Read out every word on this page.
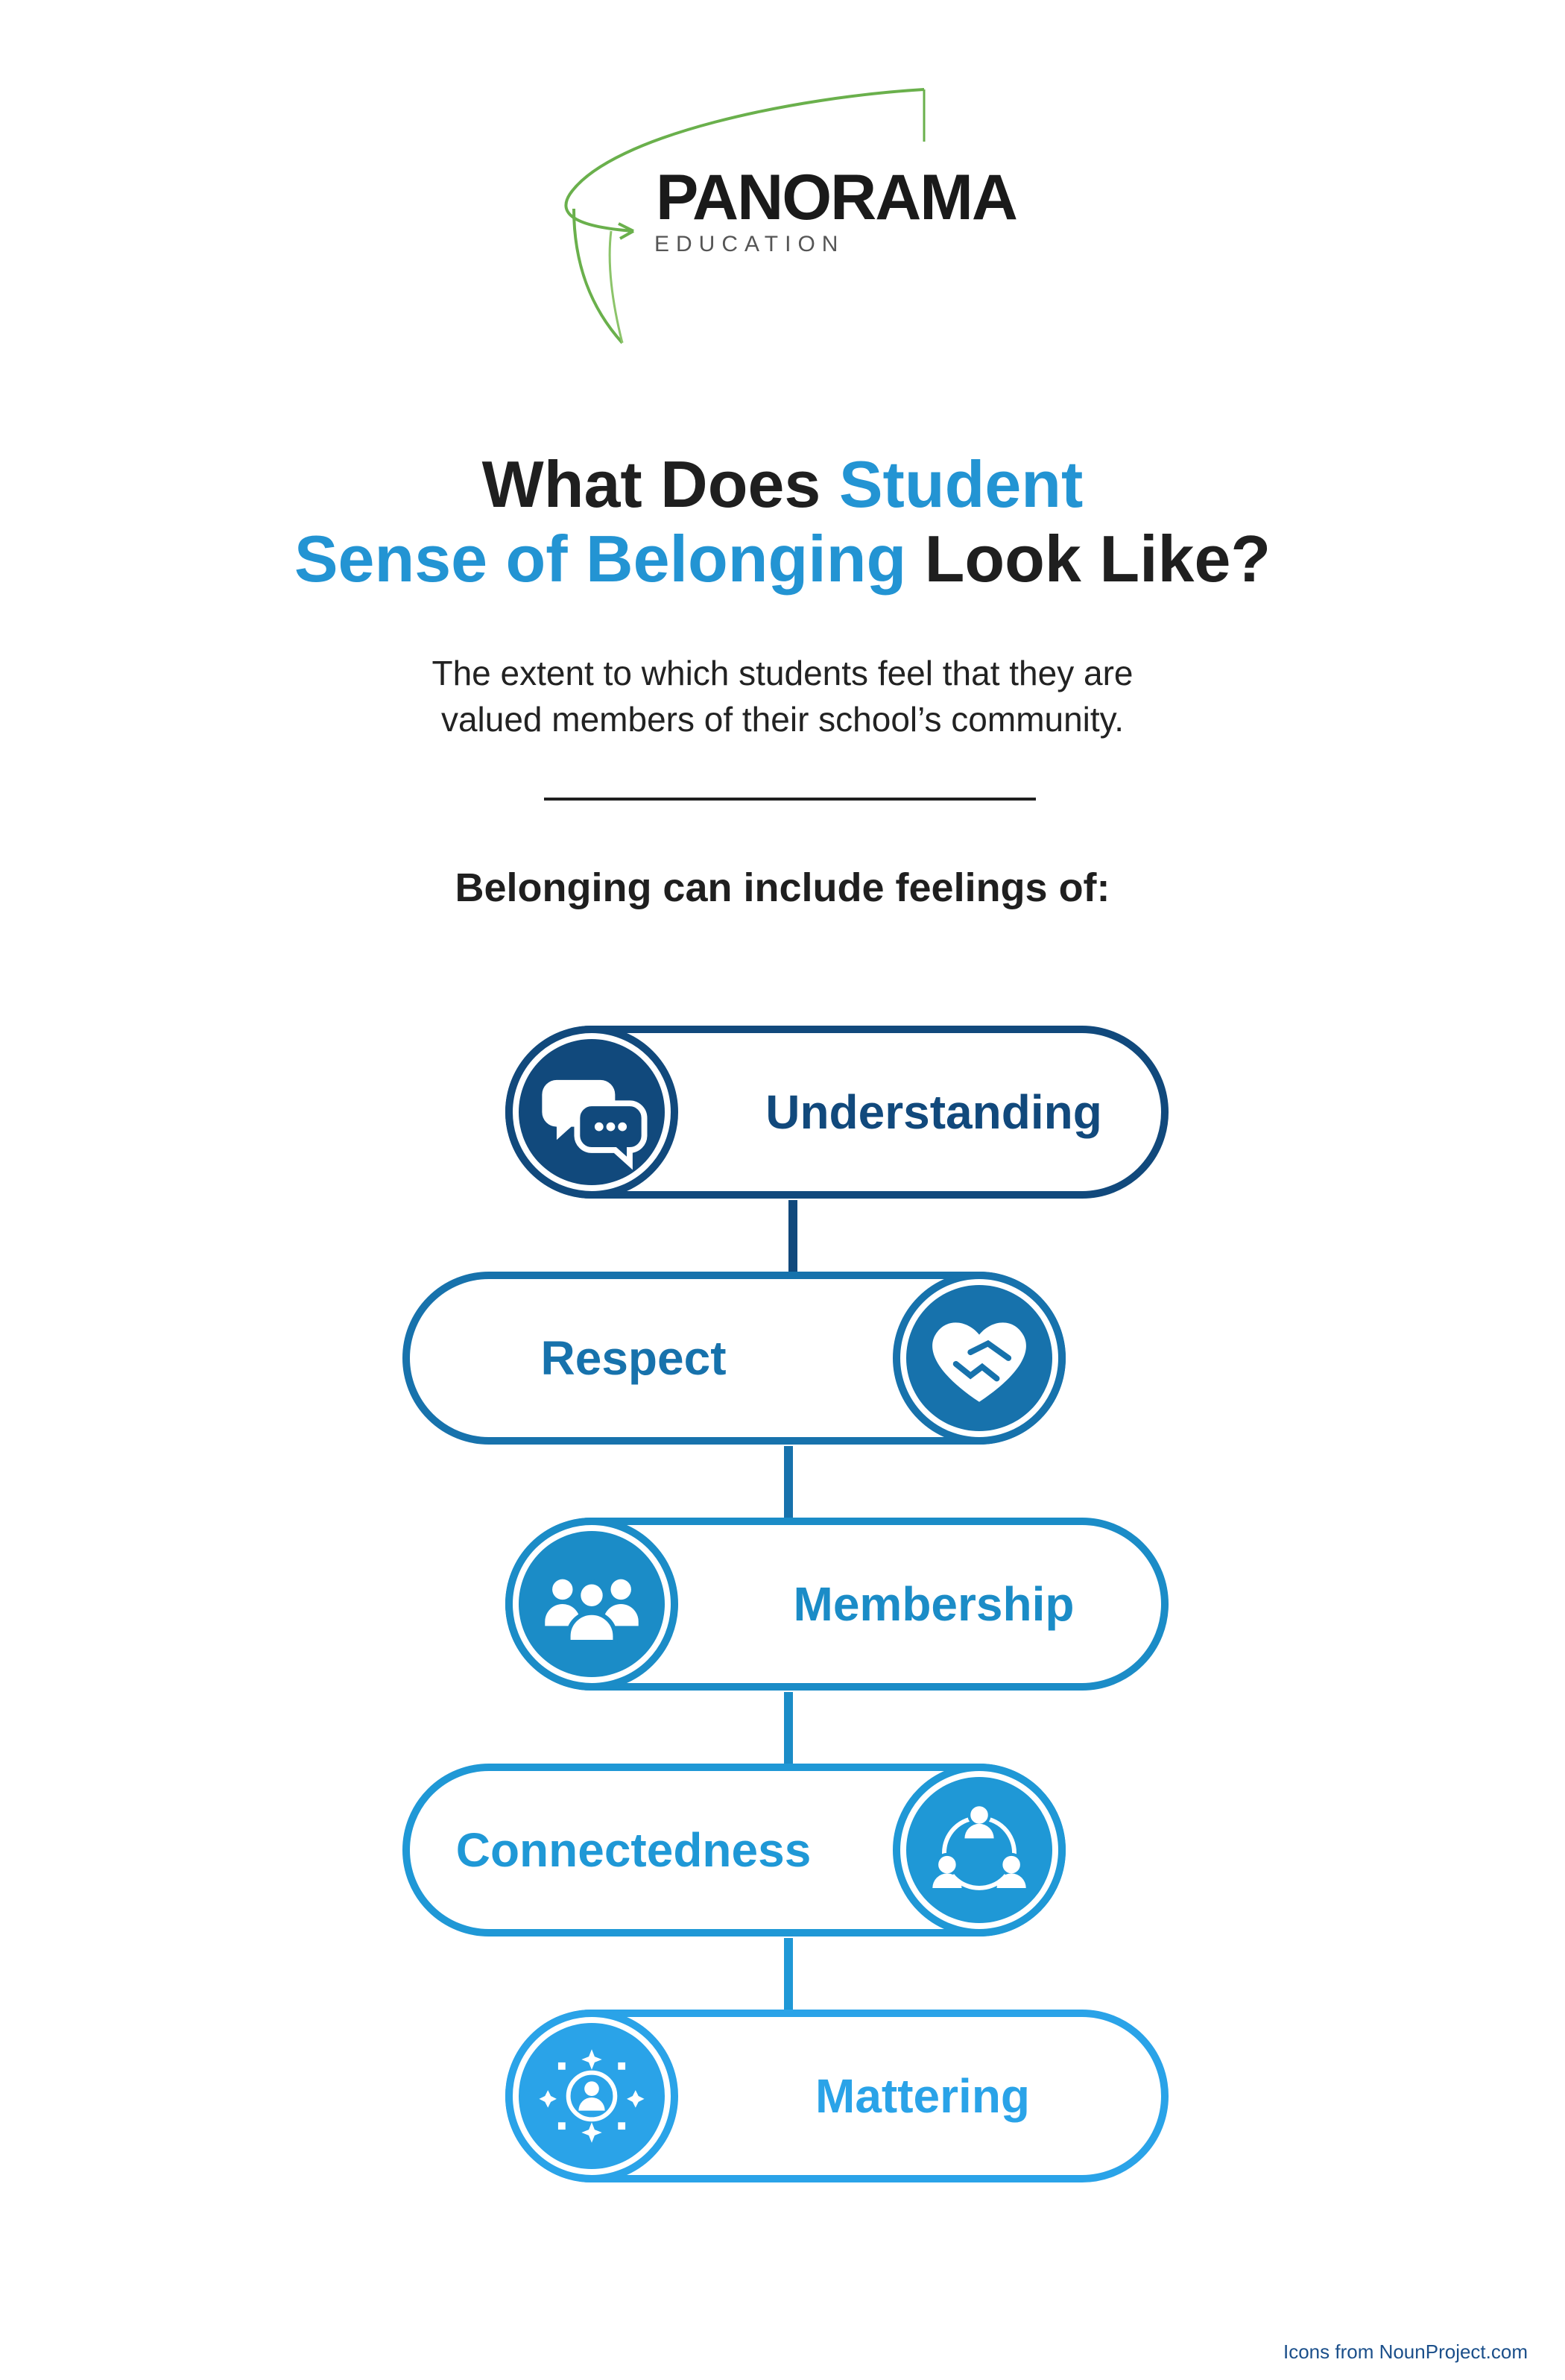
PANORAMA
EDUCATION
What Does Student
Sense of Belonging Look Like?
The extent to which students feel that they are
valued members of their school’s community.
Belonging can include feelings of:
Understanding
Respect
Membership
Connectedness
Mattering
Icons from NounProject.com
